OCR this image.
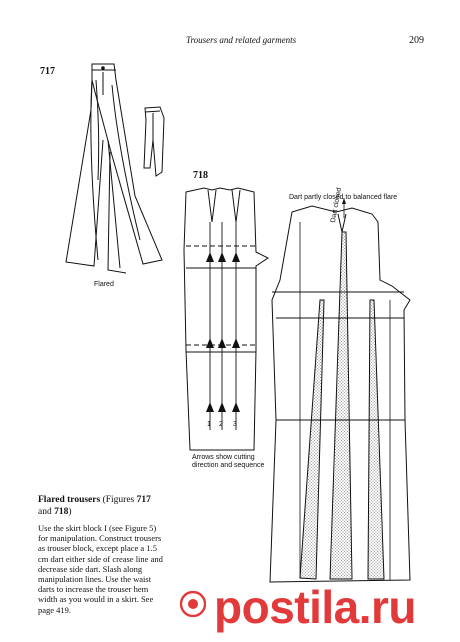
Trousers and related garments	209
717
718
Flared
Dart partly closed to balanced flare
Dart closed
1 2 3
Arrows show cutting
direction and sequence
Flared trousers (Figures 717
and 718)
Use the skirt block I (see Figure 5) for manipulation. Construct trousers as trouser block, except place a 1.5 cm dart either side of crease line and decrease side dart. Slash along manipulation lines. Use the waist darts to increase the trouser hem width as you would in a skirt. See page 419.	postila.ru
